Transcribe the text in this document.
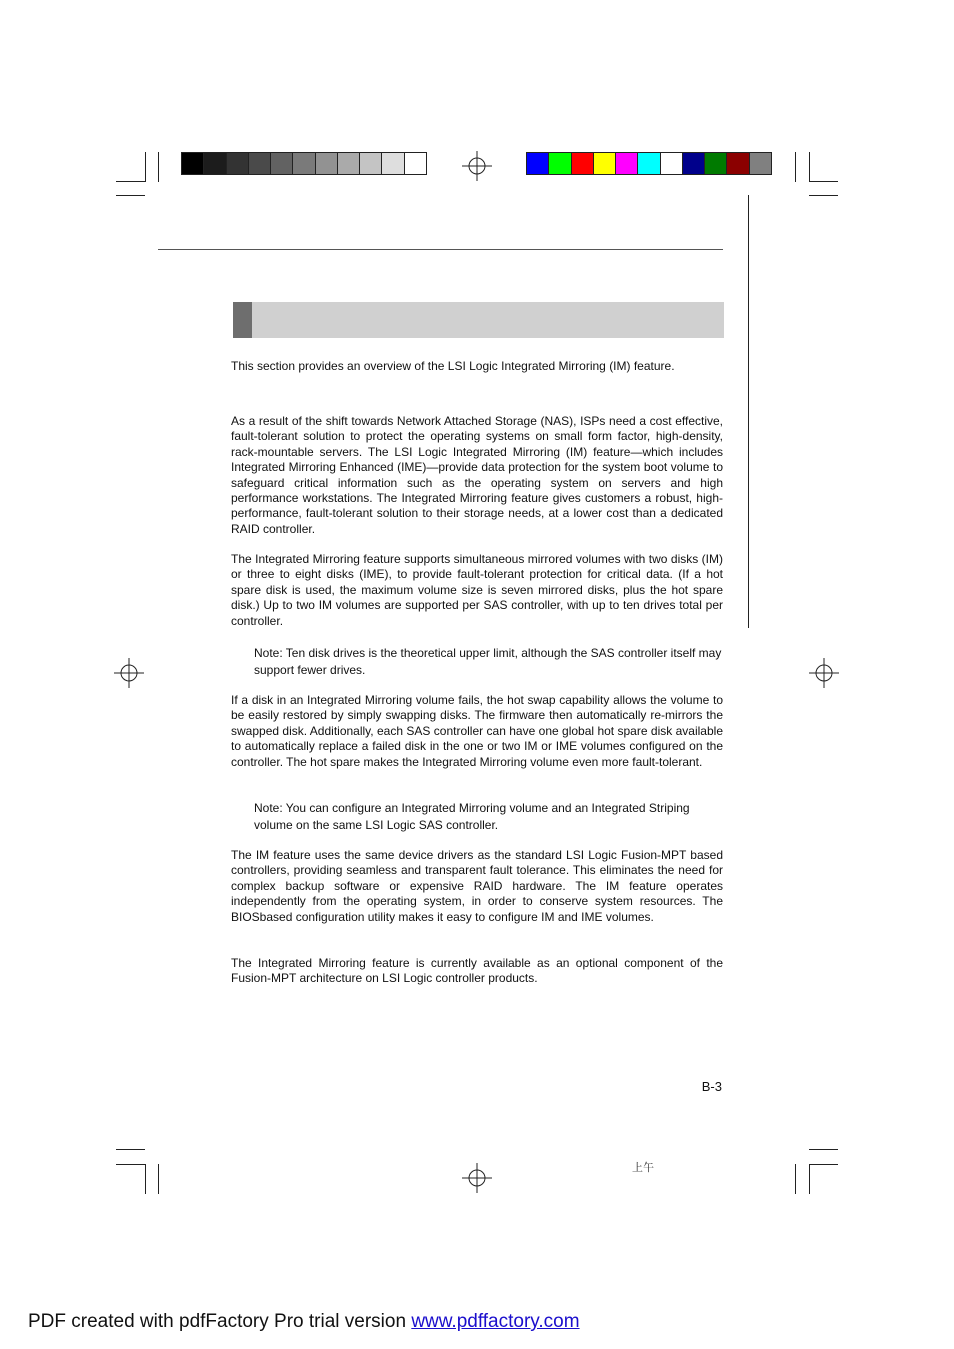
This section provides an overview of the LSI Logic Integrated Mirroring (IM) feature.
As a result of the shift towards Network Attached Storage (NAS), ISPs need a cost effective, fault-tolerant solution to protect the operating systems on small form factor, high-density, rack-mountable servers. The LSI Logic Integrated Mirroring (IM) feature—which includes Integrated Mirroring Enhanced (IME)—provide data protection for the system boot volume to safeguard critical information such as the operating system on servers and high performance workstations. The Integrated Mirroring feature gives customers a robust, high-performance, fault-tolerant solution to their storage needs, at a lower cost than a dedicated RAID controller.
The Integrated Mirroring feature supports simultaneous mirrored volumes with two disks (IM) or three to eight disks (IME), to provide fault-tolerant protection for critical data. (If a hot spare disk is used, the maximum volume size is seven mirrored disks, plus the hot spare disk.) Up to two IM volumes are supported per SAS controller, with up to ten drives total per controller.
Note: Ten disk drives is the theoretical upper limit, although the SAS controller itself may support fewer drives.
If a disk in an Integrated Mirroring volume fails, the hot swap capability allows the volume to be easily restored by simply swapping disks. The firmware then automatically re-mirrors the swapped disk. Additionally, each SAS controller can have one global hot spare disk available to automatically replace a failed disk in the one or two IM or IME volumes configured on the controller. The hot spare makes the Integrated Mirroring volume even more fault-tolerant.
Note: You can configure an Integrated Mirroring volume and an Integrated Striping volume on the same LSI Logic SAS controller.
The IM feature uses the same device drivers as the standard LSI Logic Fusion-MPT based controllers, providing seamless and transparent fault tolerance. This eliminates the need for complex backup software or expensive RAID hardware. The IM feature operates independently from the operating system, in order to conserve system resources. The BIOSbased configuration utility makes it easy to configure IM and IME volumes.
The Integrated Mirroring feature is currently available as an optional component of the Fusion-MPT architecture on LSI Logic controller products.
B-3
上午
PDF created with pdfFactory Pro trial version www.pdffactory.com
